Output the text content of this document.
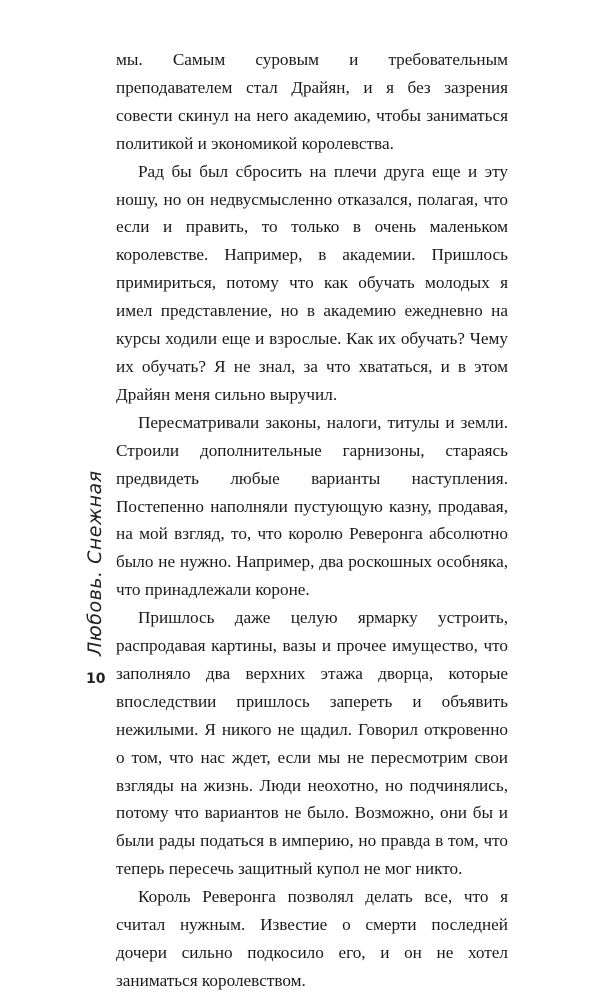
мы. Самым суровым и требовательным преподавателем стал Драйян, и я без зазрения совести скинул на него академию, чтобы заниматься политикой и экономикой королевства.

Рад бы был сбросить на плечи друга еще и эту ношу, но он недвусмысленно отказался, полагая, что если и править, то только в очень маленьком королевстве. Например, в академии. Пришлось примириться, потому что как обучать молодых я имел представление, но в академию ежедневно на курсы ходили еще и взрослые. Как их обучать? Чему их обучать? Я не знал, за что хвататься, и в этом Драйян меня сильно выручил.

Пересматривали законы, налоги, титулы и земли. Строили дополнительные гарнизоны, стараясь предвидеть любые варианты наступления. Постепенно наполняли пустующую казну, продавая, на мой взгляд, то, что королю Реверонга абсолютно было не нужно. Например, два роскошных особняка, что принадлежали короне.

Пришлось даже целую ярмарку устроить, распродавая картины, вазы и прочее имущество, что заполняло два верхних этажа дворца, которые впоследствии пришлось запереть и объявить нежилыми. Я никого не щадил. Говорил откровенно о том, что нас ждет, если мы не пересмотрим свои взгляды на жизнь. Люди неохотно, но подчинялись, потому что вариантов не было. Возможно, они бы и были рады податься в империю, но правда в том, что теперь пересечь защитный купол не мог никто.

Король Реверонга позволял делать все, что я считал нужным. Известие о смерти последней дочери сильно подкосило его, и он не хотел заниматься королевством.

Любовь. Снежная
10
